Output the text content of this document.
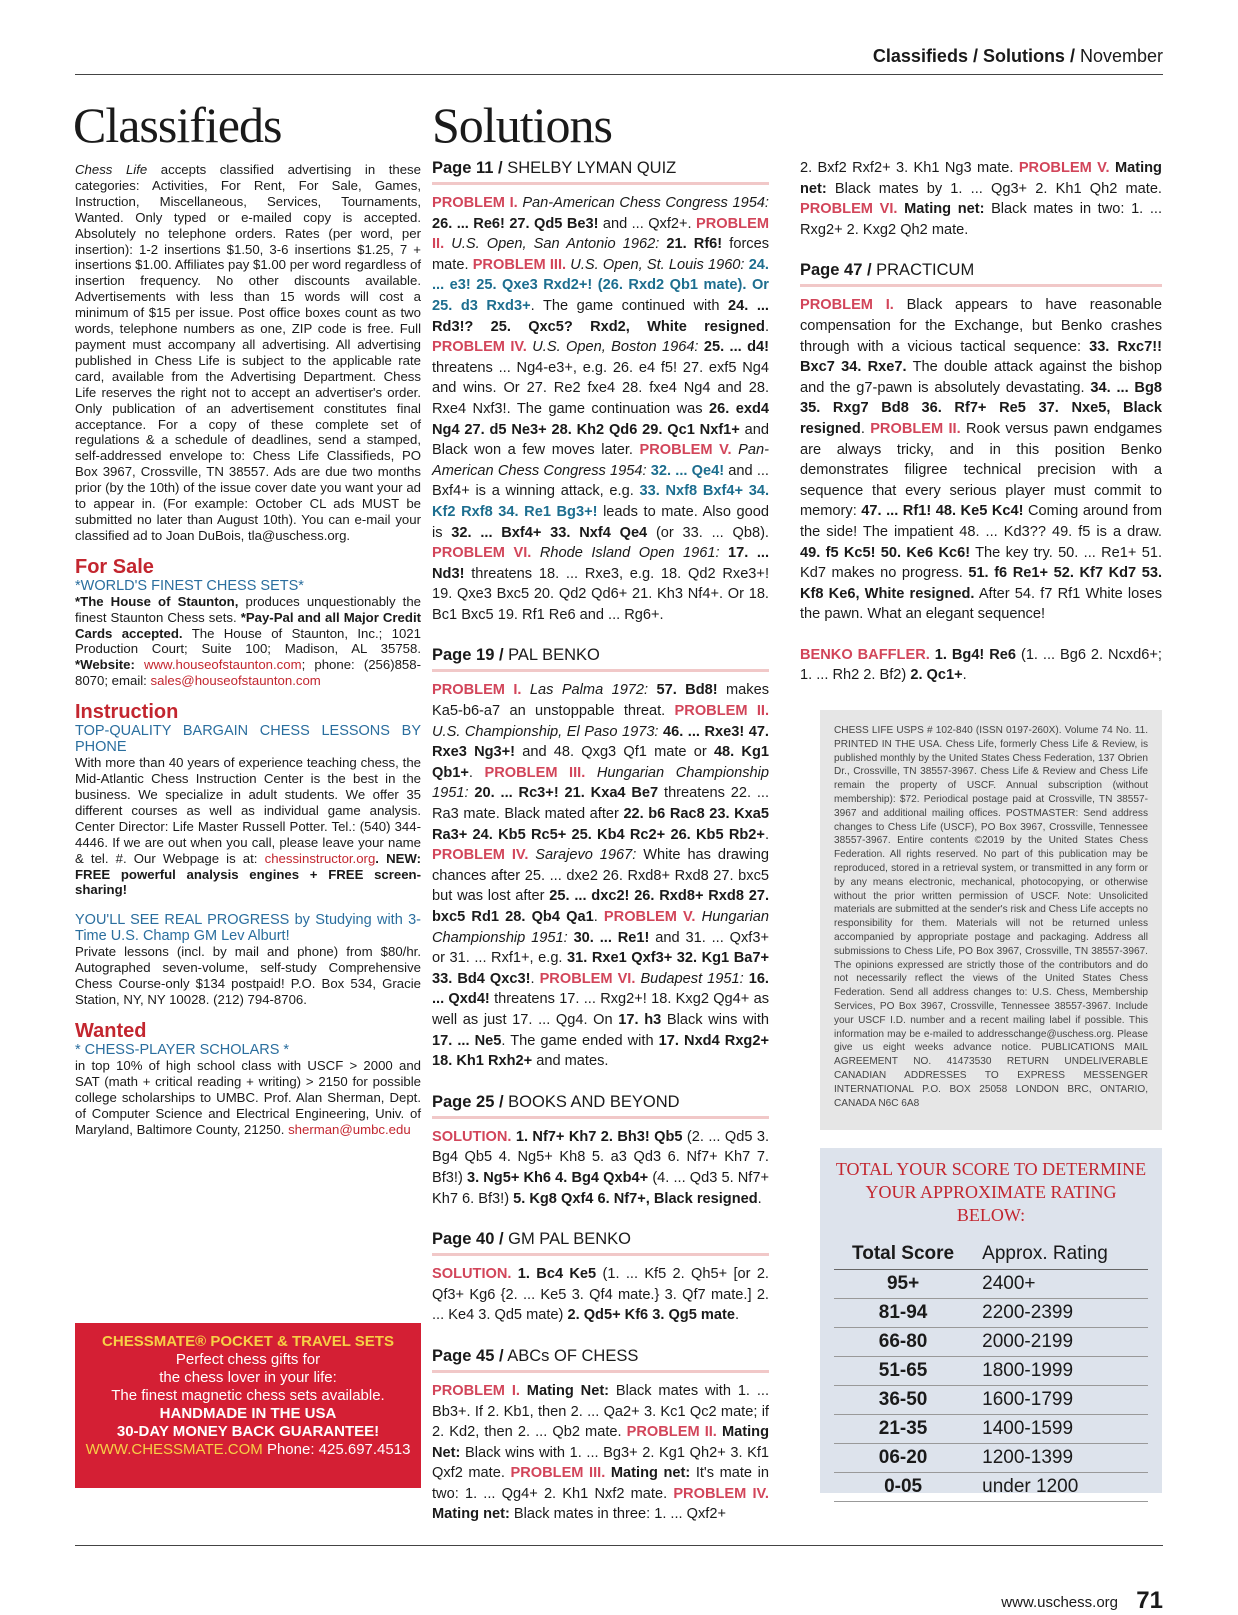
Classifieds / Solutions / November
Classifieds	Solutions

Chess Life accepts classified advertising in these categories: Activities, For Rent, For Sale, Games, Instruction, Miscellaneous, Services, Tournaments, Wanted. Only typed or e-mailed copy is accepted. Absolutely no telephone orders. Rates (per word, per insertion): 1-2 insertions $1.50, 3-6 insertions $1.25, 7 + insertions $1.00. Affiliates pay $1.00 per word regardless of insertion frequency. No other discounts available. Advertisements with less than 15 words will cost a minimum of $15 per issue. Post office boxes count as two words, telephone numbers as one, ZIP code is free. Full payment must accompany all advertising. All advertising published in Chess Life is subject to the applicable rate card, available from the Advertising Department. Chess Life reserves the right not to accept an advertiser's order. Only publication of an advertisement constitutes final acceptance. For a copy of these complete set of regulations & a schedule of deadlines, send a stamped, self-addressed envelope to: Chess Life Classifieds, PO Box 3967, Crossville, TN 38557. Ads are due two months prior (by the 10th) of the issue cover date you want your ad to appear in. (For example: October CL ads MUST be submitted no later than August 10th). You can e-mail your classified ad to Joan DuBois, tla@uschess.org.

For Sale
*WORLD'S FINEST CHESS SETS*

*The House of Staunton, produces unquestionably the finest Staunton Chess sets. *Pay-Pal and all Major Credit Cards accepted. The House of Staunton, Inc.; 1021 Production Court; Suite 100; Madison, AL 35758. *Website: www.houseofstaunton.com; phone: (256)858-8070; email: sales@houseofstaunton.com

Instruction
TOP-QUALITY BARGAIN CHESS LESSONS BY PHONE

With more than 40 years of experience teaching chess, the Mid-Atlantic Chess Instruction Center is the best in the business. We specialize in adult students. We offer 35 different courses as well as individual game analysis. Center Director: Life Master Russell Potter. Tel.: (540) 344-4446. If we are out when you call, please leave your name & tel. #. Our Webpage is at: chessinstructor.org. NEW: FREE powerful analysis engines + FREE screen-sharing!

YOU'LL SEE REAL PROGRESS by Studying with 3-Time U.S. Champ GM Lev Alburt!

Private lessons (incl. by mail and phone) from $80/hr. Autographed seven-volume, self-study Comprehensive Chess Course-only $134 postpaid! P.O. Box 534, Gracie Station, NY, NY 10028. (212) 794-8706.

Wanted
* CHESS-PLAYER SCHOLARS *

in top 10% of high school class with USCF > 2000 and SAT (math + critical reading + writing) > 2150 for possible college scholarships to UMBC. Prof. Alan Sherman, Dept. of Computer Science and Electrical Engineering, Univ. of Maryland, Baltimore County, 21250. sherman@umbc.edu

CHESSMATE® POCKET & TRAVEL SETS
Perfect chess gifts for
the chess lover in your life:
The finest magnetic chess sets available.
HANDMADE IN THE USA
30-DAY MONEY BACK GUARANTEE!
WWW.CHESSMATE.COM Phone: 425.697.4513
Page 11 / SHELBY LYMAN QUIZ

PROBLEM I. Pan-American Chess Congress 1954: 26. ... Re6! 27. Qd5 Be3! and ... Qxf2+. PROBLEM II. U.S. Open, San Antonio 1962: 21. Rf6! forces mate. PROBLEM III. U.S. Open, St. Louis 1960: 24. ... e3! 25. Qxe3 Rxd2+! (26. Rxd2 Qb1 mate). Or 25. d3 Rxd3+. The game continued with 24. ... Rd3!? 25. Qxc5? Rxd2, White resigned. PROBLEM IV. U.S. Open, Boston 1964: 25. ... d4! threatens ... Ng4-e3+, e.g. 26. e4 f5! 27. exf5 Ng4 and wins. Or 27. Re2 fxe4 28. fxe4 Ng4 and 28. Rxe4 Nxf3!. The game continuation was 26. exd4 Ng4 27. d5 Ne3+ 28. Kh2 Qd6 29. Qc1 Nxf1+ and Black won a few moves later. PROBLEM V. Pan-American Chess Congress 1954: 32. ... Qe4! and ... Bxf4+ is a winning attack, e.g. 33. Nxf8 Bxf4+ 34. Kf2 Rxf8 34. Re1 Bg3+! leads to mate. Also good is 32. ... Bxf4+ 33. Nxf4 Qe4 (or 33. ... Qb8). PROBLEM VI. Rhode Island Open 1961: 17. ... Nd3! threatens 18. ... Rxe3, e.g. 18. Qd2 Rxe3+! 19. Qxe3 Bxc5 20. Qd2 Qd6+ 21. Kh3 Nf4+. Or 18. Bc1 Bxc5 19. Rf1 Re6 and ... Rg6+.

Page 19 / PAL BENKO

PROBLEM I. Las Palma 1972: 57. Bd8! makes Ka5-b6-a7 an unstoppable threat. PROBLEM II. U.S. Championship, El Paso 1973: 46. ... Rxe3! 47. Rxe3 Ng3+! and 48. Qxg3 Qf1 mate or 48. Kg1 Qb1+. PROBLEM III. Hungarian Championship 1951: 20. ... Rc3+! 21. Kxa4 Be7 threatens 22. ... Ra3 mate. Black mated after 22. b6 Rac8 23. Kxa5 Ra3+ 24. Kb5 Rc5+ 25. Kb4 Rc2+ 26. Kb5 Rb2+. PROBLEM IV. Sarajevo 1967: White has drawing chances after 25. ... dxe2 26. Rxd8+ Rxd8 27. bxc5 but was lost after 25. ... dxc2! 26. Rxd8+ Rxd8 27. bxc5 Rd1 28. Qb4 Qa1. PROBLEM V. Hungarian Championship 1951: 30. ... Re1! and 31. ... Qxf3+ or 31. ... Rxf1+, e.g. 31. Rxe1 Qxf3+ 32. Kg1 Ba7+ 33. Bd4 Qxc3!. PROBLEM VI. Budapest 1951: 16. ... Qxd4! threatens 17. ... Rxg2+! 18. Kxg2 Qg4+ as well as just 17. ... Qg4. On 17. h3 Black wins with 17. ... Ne5. The game ended with 17. Nxd4 Rxg2+ 18. Kh1 Rxh2+ and mates.

Page 25 / BOOKS AND BEYOND

SOLUTION. 1. Nf7+ Kh7 2. Bh3! Qb5 (2. ... Qd5 3. Bg4 Qb5 4. Ng5+ Kh8 5. a3 Qd3 6. Nf7+ Kh7 7. Bf3!) 3. Ng5+ Kh6 4. Bg4 Qxb4+ (4. ... Qd3 5. Nf7+ Kh7 6. Bf3!) 5. Kg8 Qxf4 6. Nf7+, Black resigned.

Page 40 / GM PAL BENKO

SOLUTION. 1. Bc4 Ke5 (1. ... Kf5 2. Qh5+ [or 2. Qf3+ Kg6 {2. ... Ke5 3. Qf4 mate.} 3. Qf7 mate.] 2. ... Ke4 3. Qd5 mate) 2. Qd5+ Kf6 3. Qg5 mate.

Page 45 / ABCs OF CHESS

PROBLEM I. Mating Net: Black mates with 1. ... Bb3+. If 2. Kb1, then 2. ... Qa2+ 3. Kc1 Qc2 mate; if 2. Kd2, then 2. ... Qb2 mate. PROBLEM II. Mating Net: Black wins with 1. ... Bg3+ 2. Kg1 Qh2+ 3. Kf1 Qxf2 mate. PROBLEM III. Mating net: It's mate in two: 1. ... Qg4+ 2. Kh1 Nxf2 mate. PROBLEM IV. Mating net: Black mates in three: 1. ... Qxf2+

2. Bxf2 Rxf2+ 3. Kh1 Ng3 mate. PROBLEM V. Mating net: Black mates by 1. ... Qg3+ 2. Kh1 Qh2 mate. PROBLEM VI. Mating net: Black mates in two: 1. ... Rxg2+ 2. Kxg2 Qh2 mate.

Page 47 / PRACTICUM

PROBLEM I. Black appears to have reasonable compensation for the Exchange, but Benko crashes through with a vicious tactical sequence: 33. Rxc7!! Bxc7 34. Rxe7. The double attack against the bishop and the g7-pawn is absolutely devastating. 34. ... Bg8 35. Rxg7 Bd8 36. Rf7+ Re5 37. Nxe5, Black resigned. PROBLEM II. Rook versus pawn endgames are always tricky, and in this position Benko demonstrates filigree technical precision with a sequence that every serious player must commit to memory: 47. ... Rf1! 48. Ke5 Kc4! Coming around from the side! The impatient 48. ... Kd3?? 49. f5 is a draw. 49. f5 Kc5! 50. Ke6 Kc6! The key try. 50. ... Re1+ 51. Kd7 makes no progress. 51. f6 Re1+ 52. Kf7 Kd7 53. Kf8 Ke6, White resigned. After 54. f7 Rf1 White loses the pawn. What an elegant sequence!

BENKO BAFFLER. 1. Bg4! Re6 (1. ... Bg6 2. Ncxd6+; 1. ... Rh2 2. Bf2) 2. Qc1+.

CHESS LIFE USPS # 102-840 (ISSN 0197-260X). Volume 74 No. 11. PRINTED IN THE USA. Chess Life, formerly Chess Life & Review, is published monthly by the United States Chess Federation, 137 Obrien Dr., Crossville, TN 38557-3967. Chess Life & Review and Chess Life remain the property of USCF. Annual subscription (without membership): $72. Periodical postage paid at Crossville, TN 38557-3967 and additional mailing offices. POSTMASTER: Send address changes to Chess Life (USCF), PO Box 3967, Crossville, Tennessee 38557-3967. Entire contents ©2019 by the United States Chess Federation. All rights reserved. No part of this publication may be reproduced, stored in a retrieval system, or transmitted in any form or by any means electronic, mechanical, photocopying, or otherwise without the prior written permission of USCF. Note: Unsolicited materials are submitted at the sender's risk and Chess Life accepts no responsibility for them. Materials will not be returned unless accompanied by appropriate postage and packaging. Address all submissions to Chess Life, PO Box 3967, Crossville, TN 38557-3967. The opinions expressed are strictly those of the contributors and do not necessarily reflect the views of the United States Chess Federation. Send all address changes to: U.S. Chess, Membership Services, PO Box 3967, Crossville, Tennessee 38557-3967. Include your USCF I.D. number and a recent mailing label if possible. This information may be e-mailed to addresschange@uschess.org. Please give us eight weeks advance notice. PUBLICATIONS MAIL AGREEMENT NO. 41473530 RETURN UNDELIVERABLE CANADIAN ADDRESSES TO EXPRESS MESSENGER INTERNATIONAL P.O. BOX 25058 LONDON BRC, ONTARIO, CANADA N6C 6A8
TOTAL YOUR SCORE TO DETERMINE YOUR APPROXIMATE RATING BELOW:
Total Score	Approx. Rating
95+	2400+
81-94	2200-2399
66-80	2000-2199
51-65	1800-1999
36-50	1600-1799
21-35	1400-1599
06-20	1200-1399
0-05	under 1200
www.uschess.org 71
